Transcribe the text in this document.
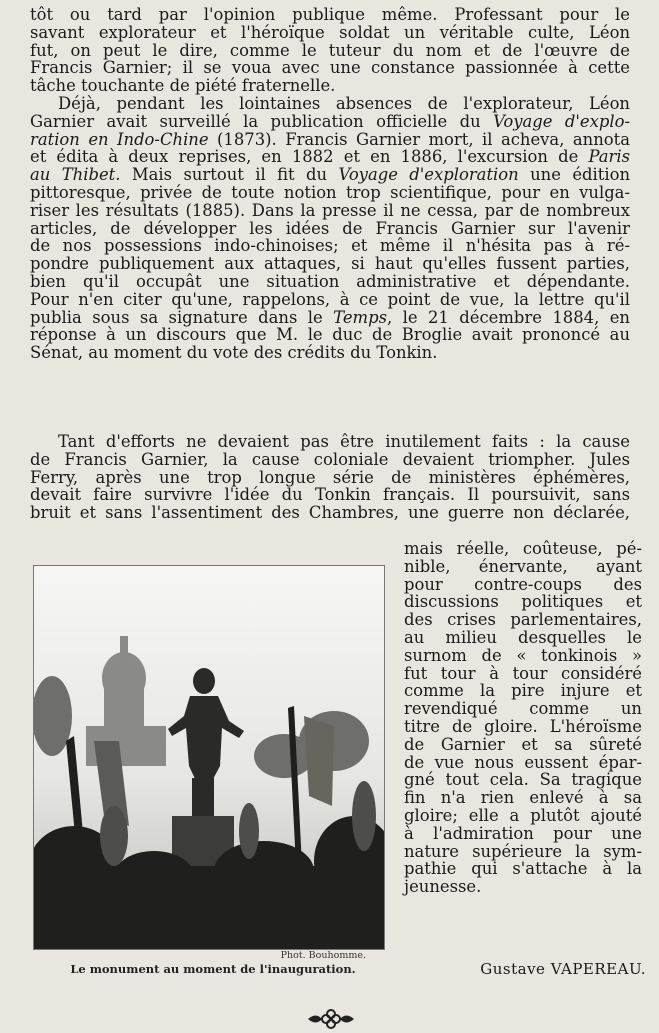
tôt ou tard par l'opinion publique même. Professant pour le
savant explorateur et l'héroïque soldat un véritable culte, Léon
fut, on peut le dire, comme le tuteur du nom et de l'œuvre de
Francis Garnier; il se voua avec une constance passionnée à cette
tâche touchante de piété fraternelle.
Déjà, pendant les lointaines absences de l'explorateur, Léon
Garnier avait surveillé la publication officielle du Voyage d'explo-
ration en Indo-Chine (1873). Francis Garnier mort, il acheva, annota
et édita à deux reprises, en 1882 et en 1886, l'excursion de Paris
au Thibet. Mais surtout il fit du Voyage d'exploration une édition
pittoresque, privée de toute notion trop scientifique, pour en vulga-
riser les résultats (1885). Dans la presse il ne cessa, par de nombreux
articles, de développer les idées de Francis Garnier sur l'avenir
de nos possessions indo-chinoises; et même il n'hésita pas à ré-
pondre publiquement aux attaques, si haut qu'elles fussent parties,
bien qu'il occupât une situation administrative et dépendante.
Pour n'en citer qu'une, rappelons, à ce point de vue, la lettre qu'il
publia sous sa signature dans le Temps, le 21 décembre 1884, en
réponse à un discours que M. le duc de Broglie avait prononcé au
Sénat, au moment du vote des crédits du Tonkin.
Tant d'efforts ne devaient pas être inutilement faits : la cause
de Francis Garnier, la cause coloniale devaient triompher. Jules
Ferry, après une trop longue série de ministères éphémères,
devait faire survivre l'idée du Tonkin français. Il poursuivit, sans
bruit et sans l'assentiment des Chambres, une guerre non déclarée,
mais réelle, coûteuse, pé-
nible, énervante, ayant
pour contre-coups des
discussions politiques et
des crises parlementaires,
au milieu desquelles le
surnom de « tonkinois »
fut tour à tour considéré
comme la pire injure et
revendiqué comme un
titre de gloire. L'héroïsme
de Garnier et sa sûreté
de vue nous eussent épar-
gné tout cela. Sa tragique
fin n'a rien enlevé à sa
gloire; elle a plutôt ajouté
à l'admiration pour une
nature supérieure la sym-
pathie qui s'attache à la
jeunesse.
Phot. Bouhomme.
Le monument au moment de l'inauguration.	Gustave VAPEREAU.
